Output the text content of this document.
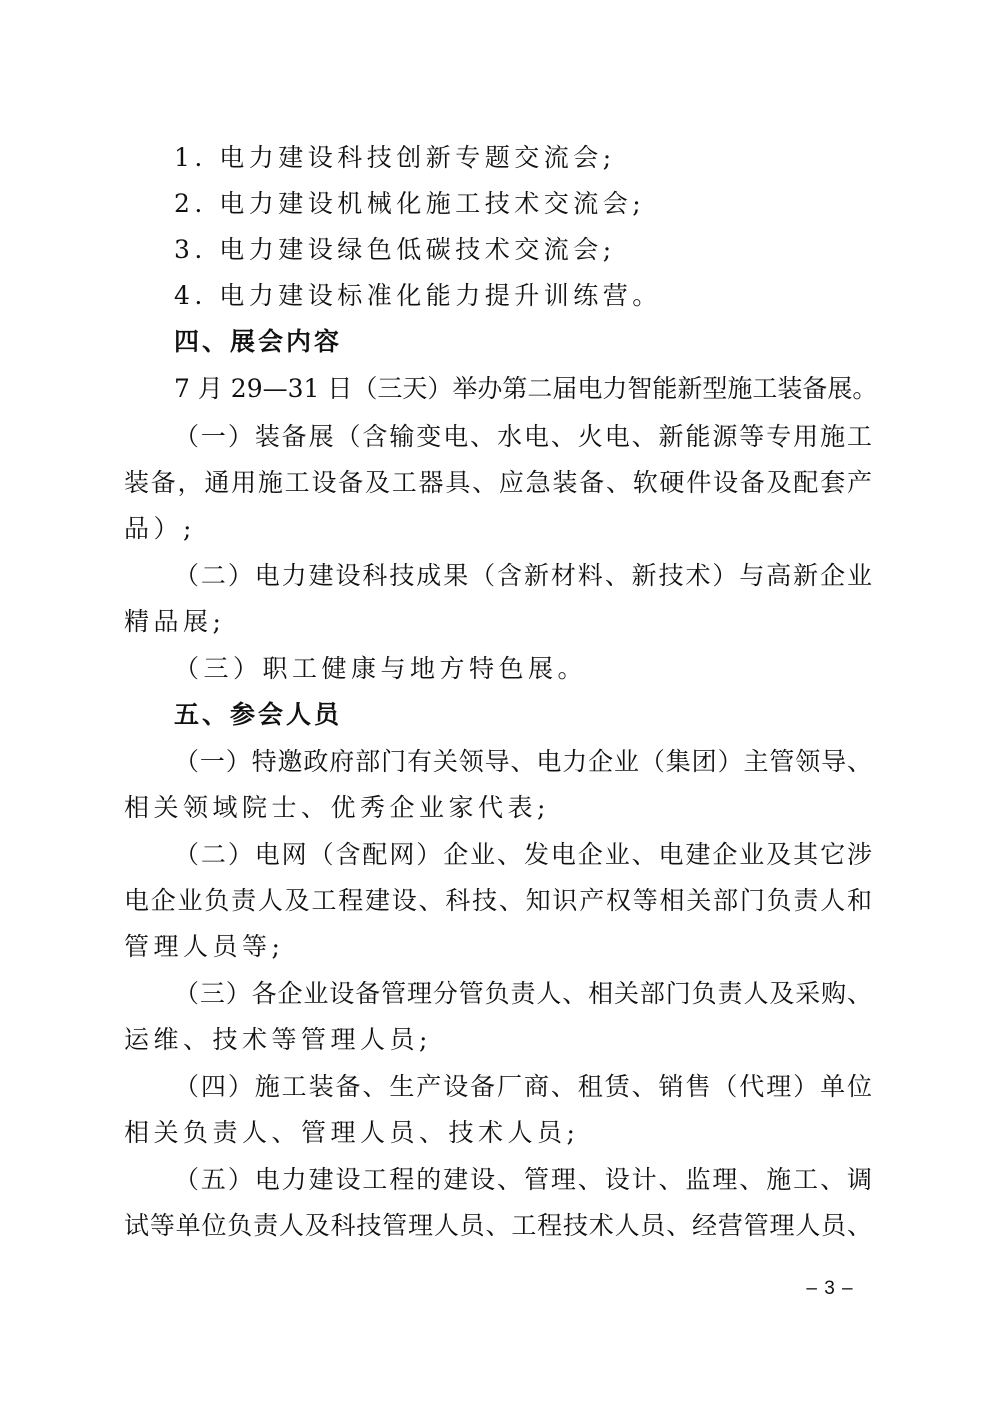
1. 电力建设科技创新专题交流会;
2. 电力建设机械化施工技术交流会;
3. 电力建设绿色低碳技术交流会;
4. 电力建设标准化能力提升训练营。
四、展会内容
7 月 29—31 日（三天）举办第二届电力智能新型施工装备展。
（一）装备展（含输变电、水电、火电、新能源等专用施工
装备，通用施工设备及工器具、应急装备、软硬件设备及配套产
品）;
（二）电力建设科技成果（含新材料、新技术）与高新企业
精品展;
（三）职工健康与地方特色展。
五、参会人员
（一）特邀政府部门有关领导、电力企业（集团）主管领导、
相关领域院士、优秀企业家代表;
（二）电网（含配网）企业、发电企业、电建企业及其它涉
电企业负责人及工程建设、科技、知识产权等相关部门负责人和
管理人员等;
（三）各企业设备管理分管负责人、相关部门负责人及采购、
运维、技术等管理人员;
（四）施工装备、生产设备厂商、租赁、销售（代理）单位
相关负责人、管理人员、技术人员;
（五）电力建设工程的建设、管理、设计、监理、施工、调
试等单位负责人及科技管理人员、工程技术人员、经营管理人员、
– 3 –
